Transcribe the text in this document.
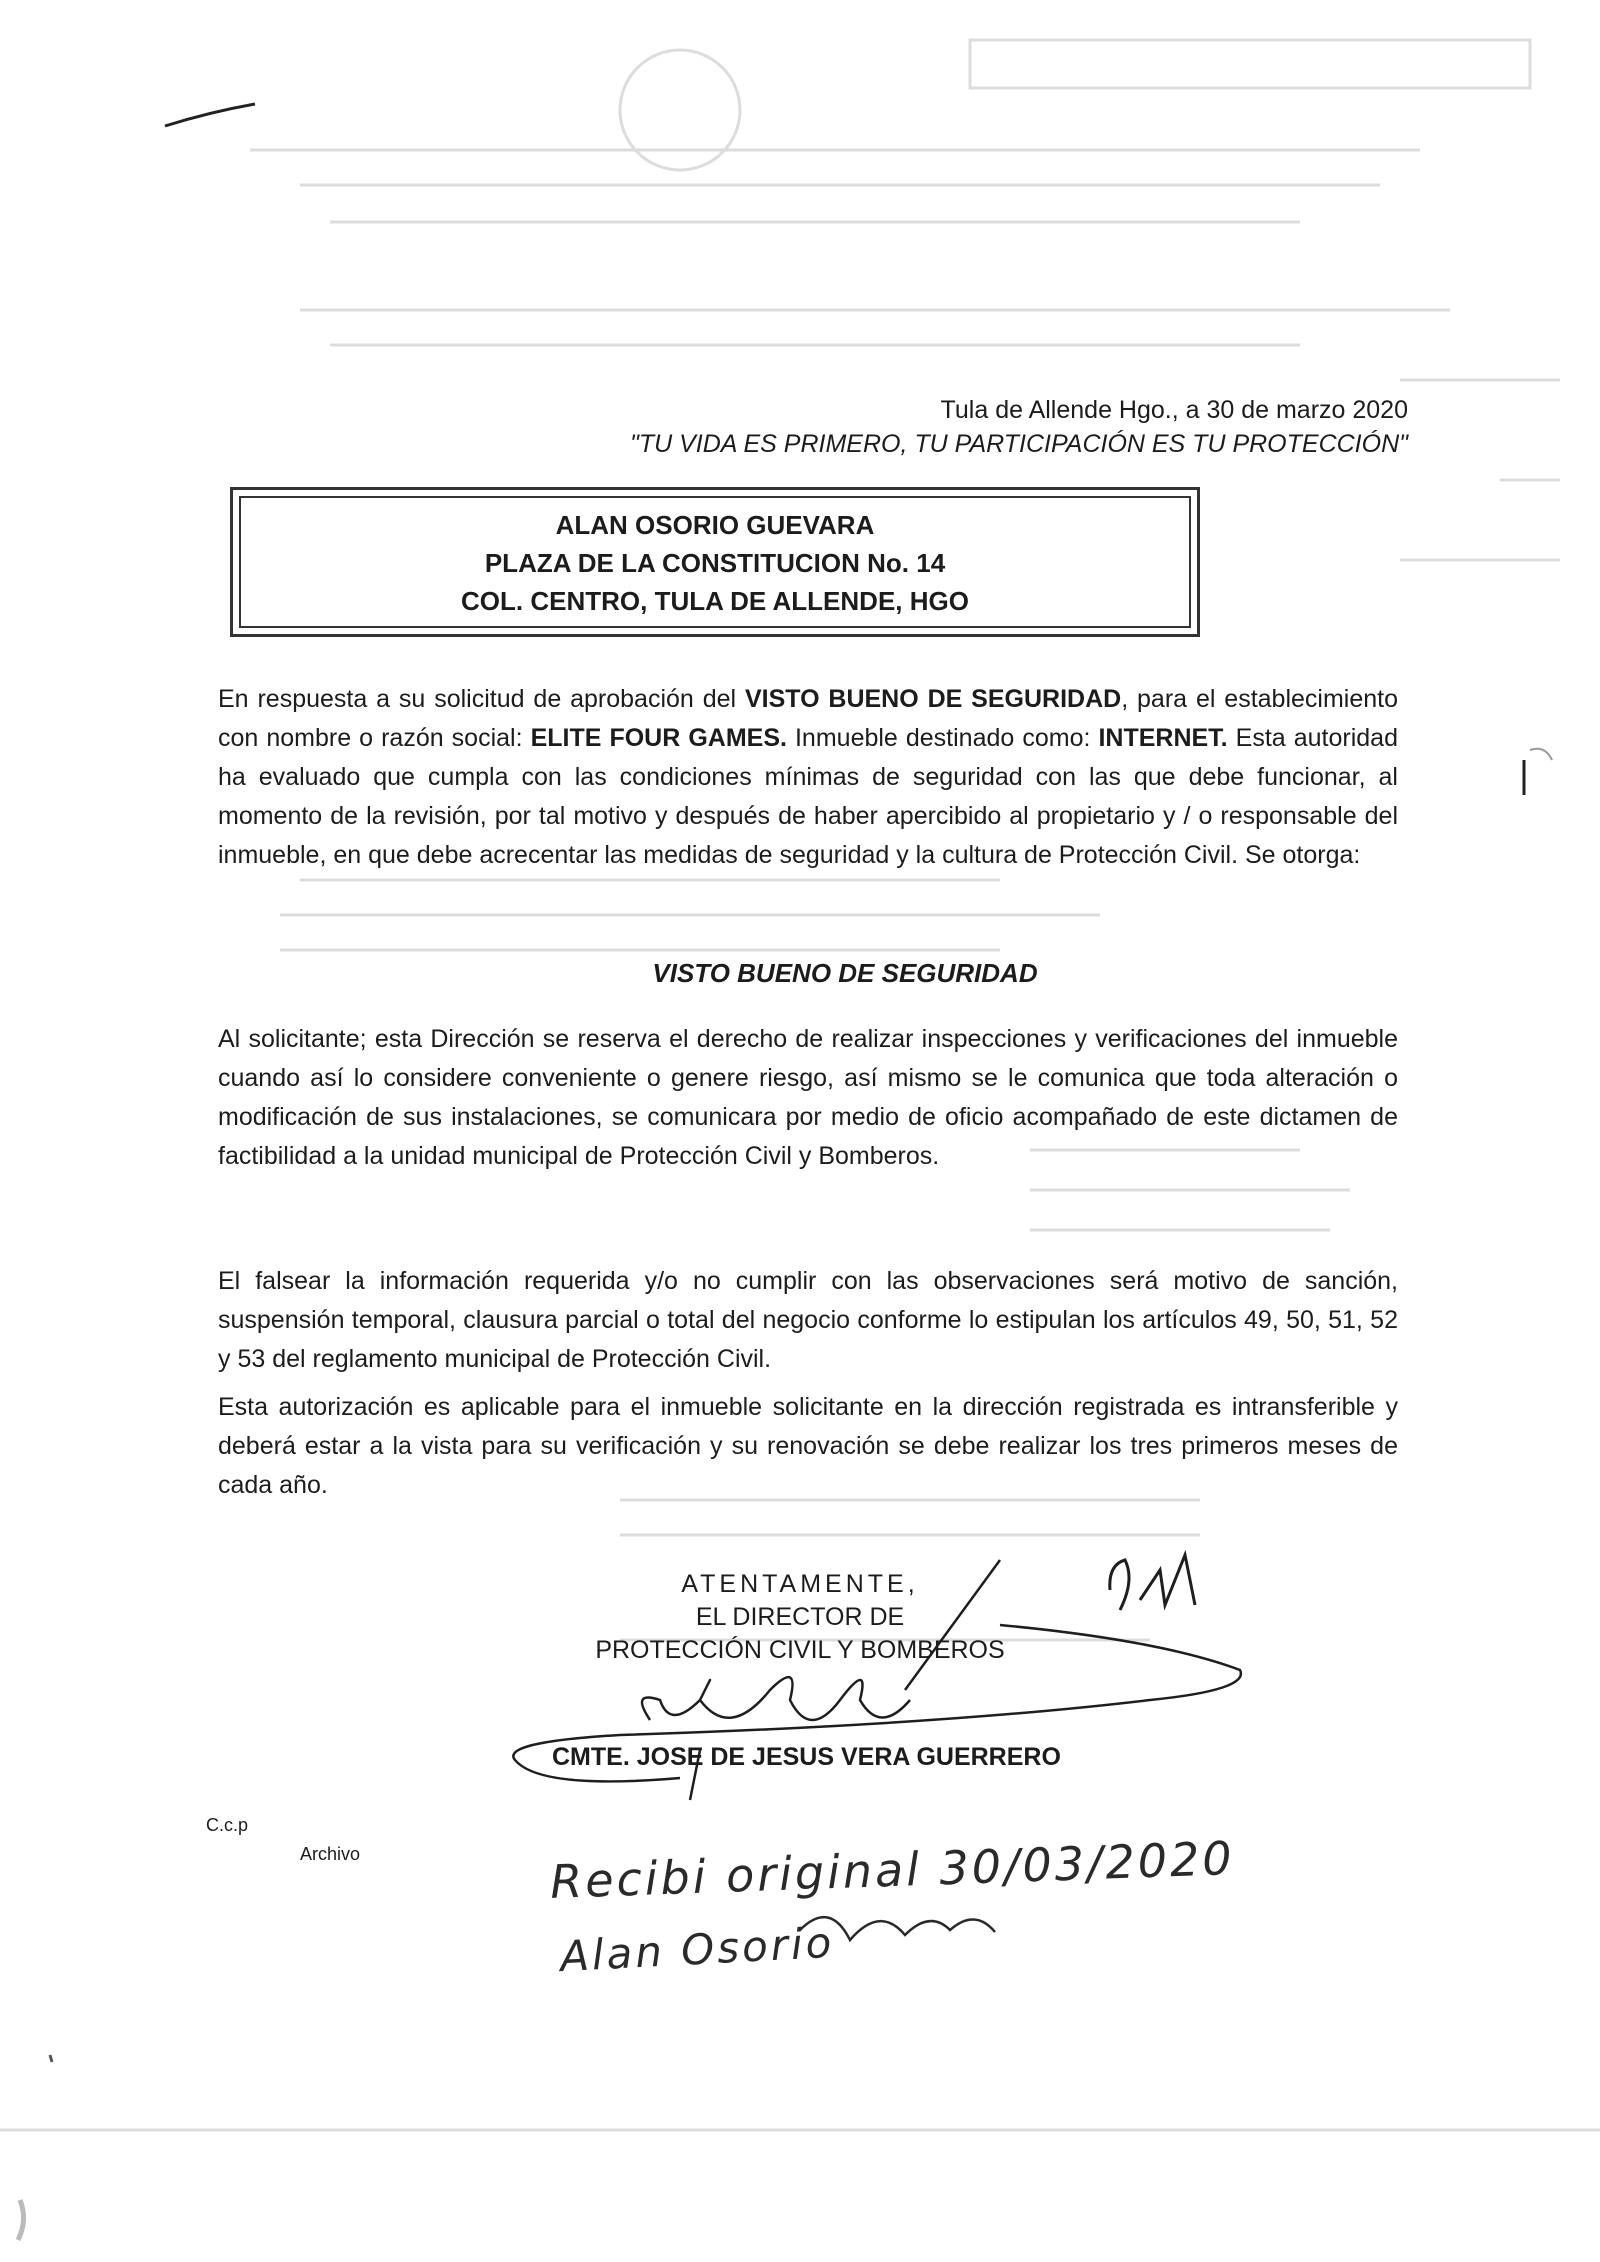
Tula de Allende Hgo., a 30 de marzo 2020
"TU VIDA ES PRIMERO, TU PARTICIPACIÓN ES TU PROTECCIÓN"
ALAN OSORIO GUEVARA
PLAZA DE LA CONSTITUCION No. 14
COL. CENTRO, TULA DE ALLENDE, HGO

En respuesta a su solicitud de aprobación del VISTO BUENO DE SEGURIDAD, para el establecimiento con nombre o razón social: ELITE FOUR GAMES. Inmueble destinado como: INTERNET. Esta autoridad ha evaluado que cumpla con las condiciones mínimas de seguridad con las que debe funcionar, al momento de la revisión, por tal motivo y después de haber apercibido al propietario y / o responsable del inmueble, en que debe acrecentar las medidas de seguridad y la cultura de Protección Civil. Se otorga:

VISTO BUENO DE SEGURIDAD

Al solicitante; esta Dirección se reserva el derecho de realizar inspecciones y verificaciones del inmueble cuando así lo considere conveniente o genere riesgo, así mismo se le comunica que toda alteración o modificación de sus instalaciones, se comunicara por medio de oficio acompañado de este dictamen de factibilidad a la unidad municipal de Protección Civil y Bomberos.

El falsear la información requerida y/o no cumplir con las observaciones será motivo de sanción, suspensión temporal, clausura parcial o total del negocio conforme lo estipulan los artículos 49, 50, 51, 52 y 53 del reglamento municipal de Protección Civil.

Esta autorización es aplicable para el inmueble solicitante en la dirección registrada es intransferible y deberá estar a la vista para su verificación y su renovación se debe realizar los tres primeros meses de cada año.

ATENTAMENTE,
EL DIRECTOR DE
PROTECCIÓN CIVIL Y BOMBEROS
CMTE. JOSE DE JESUS VERA GUERRERO
C.c.p
Archivo	Recibi original 30/03/2020
Alan Osorio
